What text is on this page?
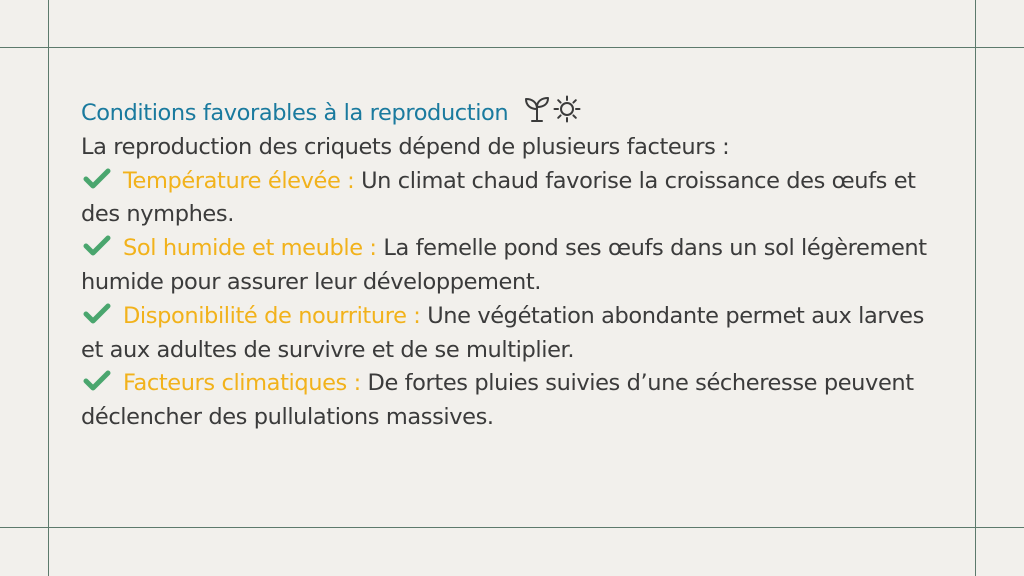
Conditions favorables à la reproduction
La reproduction des criquets dépend de plusieurs facteurs :
Température élevée : Un climat chaud favorise la croissance des œufs et des nymphes.
Sol humide et meuble : La femelle pond ses œufs dans un sol légèrement humide pour assurer leur développement.
Disponibilité de nourriture : Une végétation abondante permet aux larves et aux adultes de survivre et de se multiplier.
Facteurs climatiques : De fortes pluies suivies d’une sécheresse peuvent déclencher des pullulations massives.
